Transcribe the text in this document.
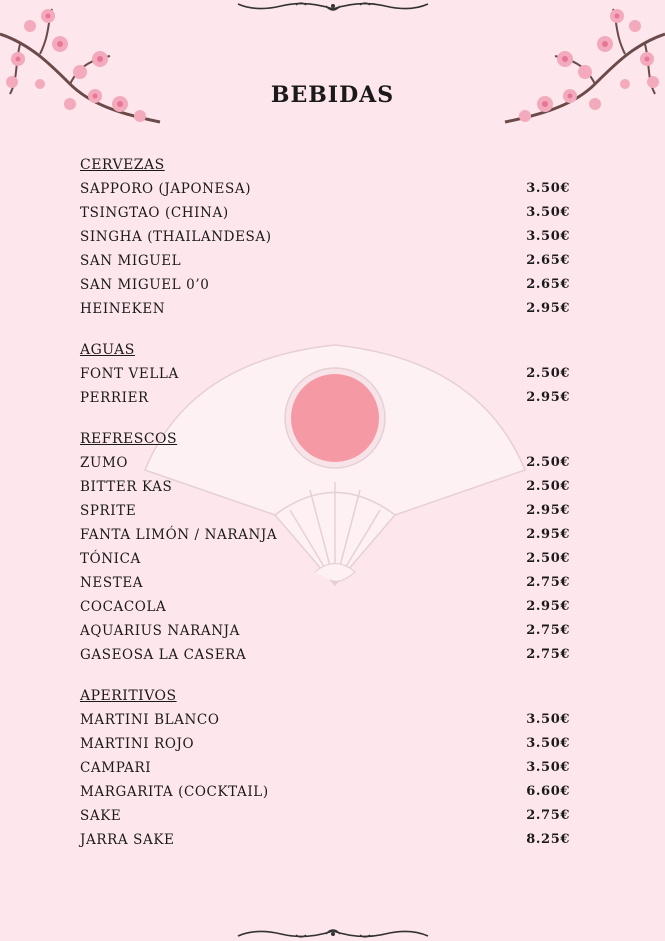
BEBIDAS
CERVEZAS
SAPPORO (JAPONESA)	3.50€
TSINGTAO (CHINA)	3.50€
SINGHA (THAILANDESA)	3.50€
SAN MIGUEL	2.65€
SAN MIGUEL 0’0	2.65€
HEINEKEN	2.95€
AGUAS
FONT VELLA	2.50€
PERRIER	2.95€
REFRESCOS
ZUMO	2.50€
BITTER KAS	2.50€
SPRITE	2.95€
FANTA LIMÓN / NARANJA	2.95€
TÓNICA	2.50€
NESTEA	2.75€
COCACOLA	2.95€
AQUARIUS NARANJA	2.75€
GASEOSA LA CASERA	2.75€
APERITIVOS
MARTINI BLANCO	3.50€
MARTINI ROJO	3.50€
CAMPARI	3.50€
MARGARITA (COCKTAIL)	6.60€
SAKE	2.75€
JARRA SAKE	8.25€
